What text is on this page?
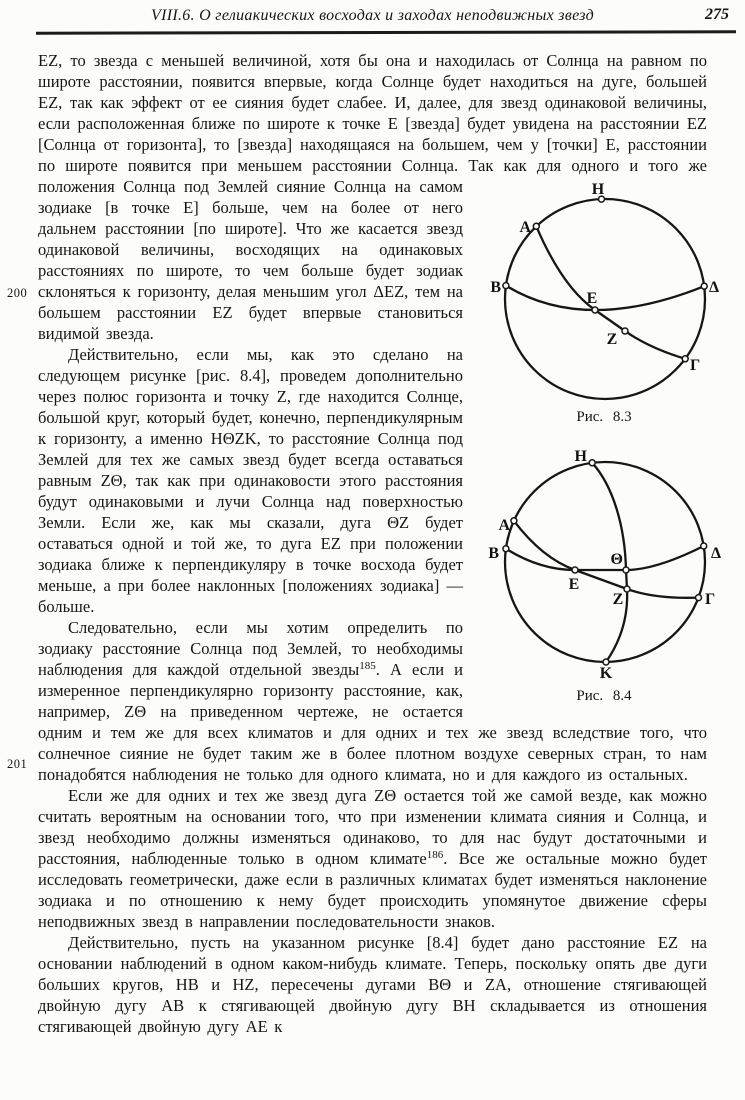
VIII.6. О гелиакических восходах и заходах неподвижных звезд	275
200
201

EZ, то звезда с меньшей величиной, хотя бы она и находилась от Солнца на равном по широте расстоянии, появится впервые, когда Солнце будет находиться на дуге, большей EZ, так как эффект от ее сияния будет слабее. И, далее, для звезд одинаковой величины, если расположенная ближе по широте к точке E [звезда] будет увидена на расстоянии EZ [Солнца от горизонта], то [звезда] находящаяся на большем, чем у [точки] E, расстоянии по широте появится при меньшем расстоянии Солнца. Так как для одного и того же положения Солнца под Землей сияние Солнца	H
A
B	Δ
Γ
E
Z
Рис. 8.3
H
A
B	Δ
Γ
K
Θ
E
Z
Рис. 8.4
на самом зодиаке [в точке E] больше, чем на более от него дальнем расстоянии [по широте]. Что же касается звезд одинаковой величины, восходящих на одинаковых расстояниях по широте, то чем больше будет зодиак склоняться к горизонту, делая меньшим угол ΔEZ, тем на большем расстоянии EZ будет впервые становиться видимой звезда.

Действительно, если мы, как это сделано на следующем рисунке [рис. 8.4], проведем дополнительно через полюс горизонта и точку Z, где находится Солнце, большой круг, который будет, конечно, перпендикулярным к горизонту, а именно HΘZK, то расстояние Солнца под Землей для тех же самых звезд будет всегда оставаться равным ZΘ, так как при одинаковости этого расстояния будут одинаковыми и лучи Солнца над поверхностью Земли. Если же, как мы сказали, дуга ΘZ будет оставаться одной и той же, то дуга EZ при положении зодиака ближе к перпендикуляру в точке восхода будет меньше, а при более наклонных [положениях зодиака] — больше.

Следовательно, если мы хотим определить по зодиаку расстояние Солнца под Землей, то необходимы наблюдения для каждой отдельной звезды$^{185}$. А если и измеренное перпендикулярно горизонту расстояние, как, например, ZΘ на приведенном чертеже, не остается одним и тем же для всех климатов и для одних и тех же звезд вследствие того, что солнечное сияние не будет таким же в более плотном воздухе северных стран, то нам понадобятся наблюдения не только для одного климата, но и для каждого из остальных.

Если же для одних и тех же звезд дуга ZΘ остается той же самой везде, как можно считать вероятным на основании того, что при изменении климата сияния и Солнца, и звезд необходимо должны изменяться одинаково, то для нас будут достаточными и расстояния, наблюденные только в одном климате$^{186}$. Все же остальные можно будет исследовать геометрически, даже если в различных климатах будет изменяться наклонение зодиака и по отношению к нему будет происходить упомянутое движение сферы неподвижных звезд в направлении последовательности знаков.

Действительно, пусть на указанном рисунке [8.4] будет дано расстояние EZ на основании наблюдений в одном каком-нибудь климате. Теперь, поскольку опять две дуги больших кругов, HB и HZ, пересечены дугами BΘ и ZA, отношение стягивающей двойную дугу AB к стягивающей двойную дугу BH складывается из отношения стягивающей двойную дугу AE к
